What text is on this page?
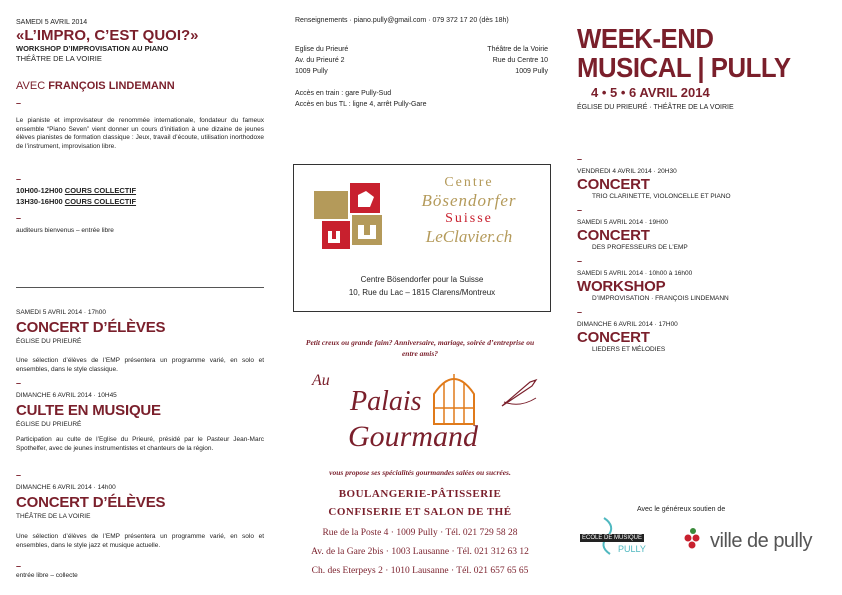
SAMEDI 5 AVRIL 2014
«L’IMPRO, C’EST QUOI?»
WORKSHOP D’IMPROVISATION AU PIANO
THÉÂTRE DE LA VOIRIE
AVEC FRANÇOIS LINDEMANN
–
Le pianiste et improvisateur de renommée internationale, fondateur du fameux ensemble “Piano Seven” vient donner un cours d’initiation à une dizaine de jeunes élèves pianistes de formation classique : Jeux, travail d’écoute, utilisation inorthodoxe de l’instrument, improvisation libre.
–
10H00-12H00 COURS COLLECTIF
13H30-16H00 COURS COLLECTIF
–
auditeurs bienvenus – entrée libre
SAMEDI 5 AVRIL 2014 · 17h00
CONCERT D’ÉLÈVES
ÉGLISE DU PRIEURÉ
Une sélection d’élèves de l’EMP présentera un programme varié, en solo et ensembles, dans le style classique.
–
DIMANCHE 6 AVRIL 2014 · 10H45
CULTE EN MUSIQUE
ÉGLISE DU PRIEURÉ
Participation au culte de l’Eglise du Prieuré, présidé par le Pasteur Jean-Marc Spothelfer, avec de jeunes instrumentistes et chanteurs de la région.
–
DIMANCHE 6 AVRIL 2014 · 14h00
CONCERT D’ÉLÈVES
THÉÂTRE DE LA VOIRIE
Une sélection d’élèves de l’EMP présentera un programme varié, en solo et ensembles, dans le style jazz et musique actuelle.
–
entrée libre – collecte
Renseignements · piano.pully@gmail.com · 079 372 17 20 (dès 18h)
Eglise du Prieuré
Av. du Prieuré 2
1009 Pully
Théâtre de la Voirie
Rue du Centre 10
1009 Pully
Accès en train : gare Pully-Sud
Accès en bus TL : ligne 4, arrêt Pully-Gare
Centre
Bösendorfer
Suisse
LeClavier.ch
Centre Bösendorfer pour la Suisse
10, Rue du Lac – 1815 Clarens/Montreux
Petit creux ou grande faim? Anniversaire, mariage, soirée d’entreprise ou entre amis?
Au
Palais
Gourmand
vous propose ses spécialités gourmandes salées ou sucrées.
BOULANGERIE-PÂTISSERIE
CONFISERIE ET SALON DE THÉ
Rue de la Poste 4 · 1009 Pully · Tél. 021 729 58 28
Av. de la Gare 2bis · 1003 Lausanne · Tél. 021 312 63 12
Ch. des Eterpeys 2 · 1010 Lausanne · Tél. 021 657 65 65
WEEK-END
MUSICAL | PULLY
4 • 5 • 6 AVRIL 2014
ÉGLISE DU PRIEURÉ · THÉÂTRE DE LA VOIRIE
–
VENDREDI 4 AVRIL 2014 · 20H30
CONCERT
TRIO CLARINETTE, VIOLONCELLE ET PIANO
–
SAMEDI 5 AVRIL 2014 · 19H00
CONCERT
DES PROFESSEURS DE L’EMP
–
SAMEDI 5 AVRIL 2014 · 10h00 à 16h00
WORKSHOP
D’IMPROVISATION · FRANÇOIS LINDEMANN
–
DIMANCHE 6 AVRIL 2014 · 17H00
CONCERT
LIEDERS ET MÉLODIES
Avec le généreux soutien de
ECOLE DE MUSIQUE
PULLY	ville de pully
